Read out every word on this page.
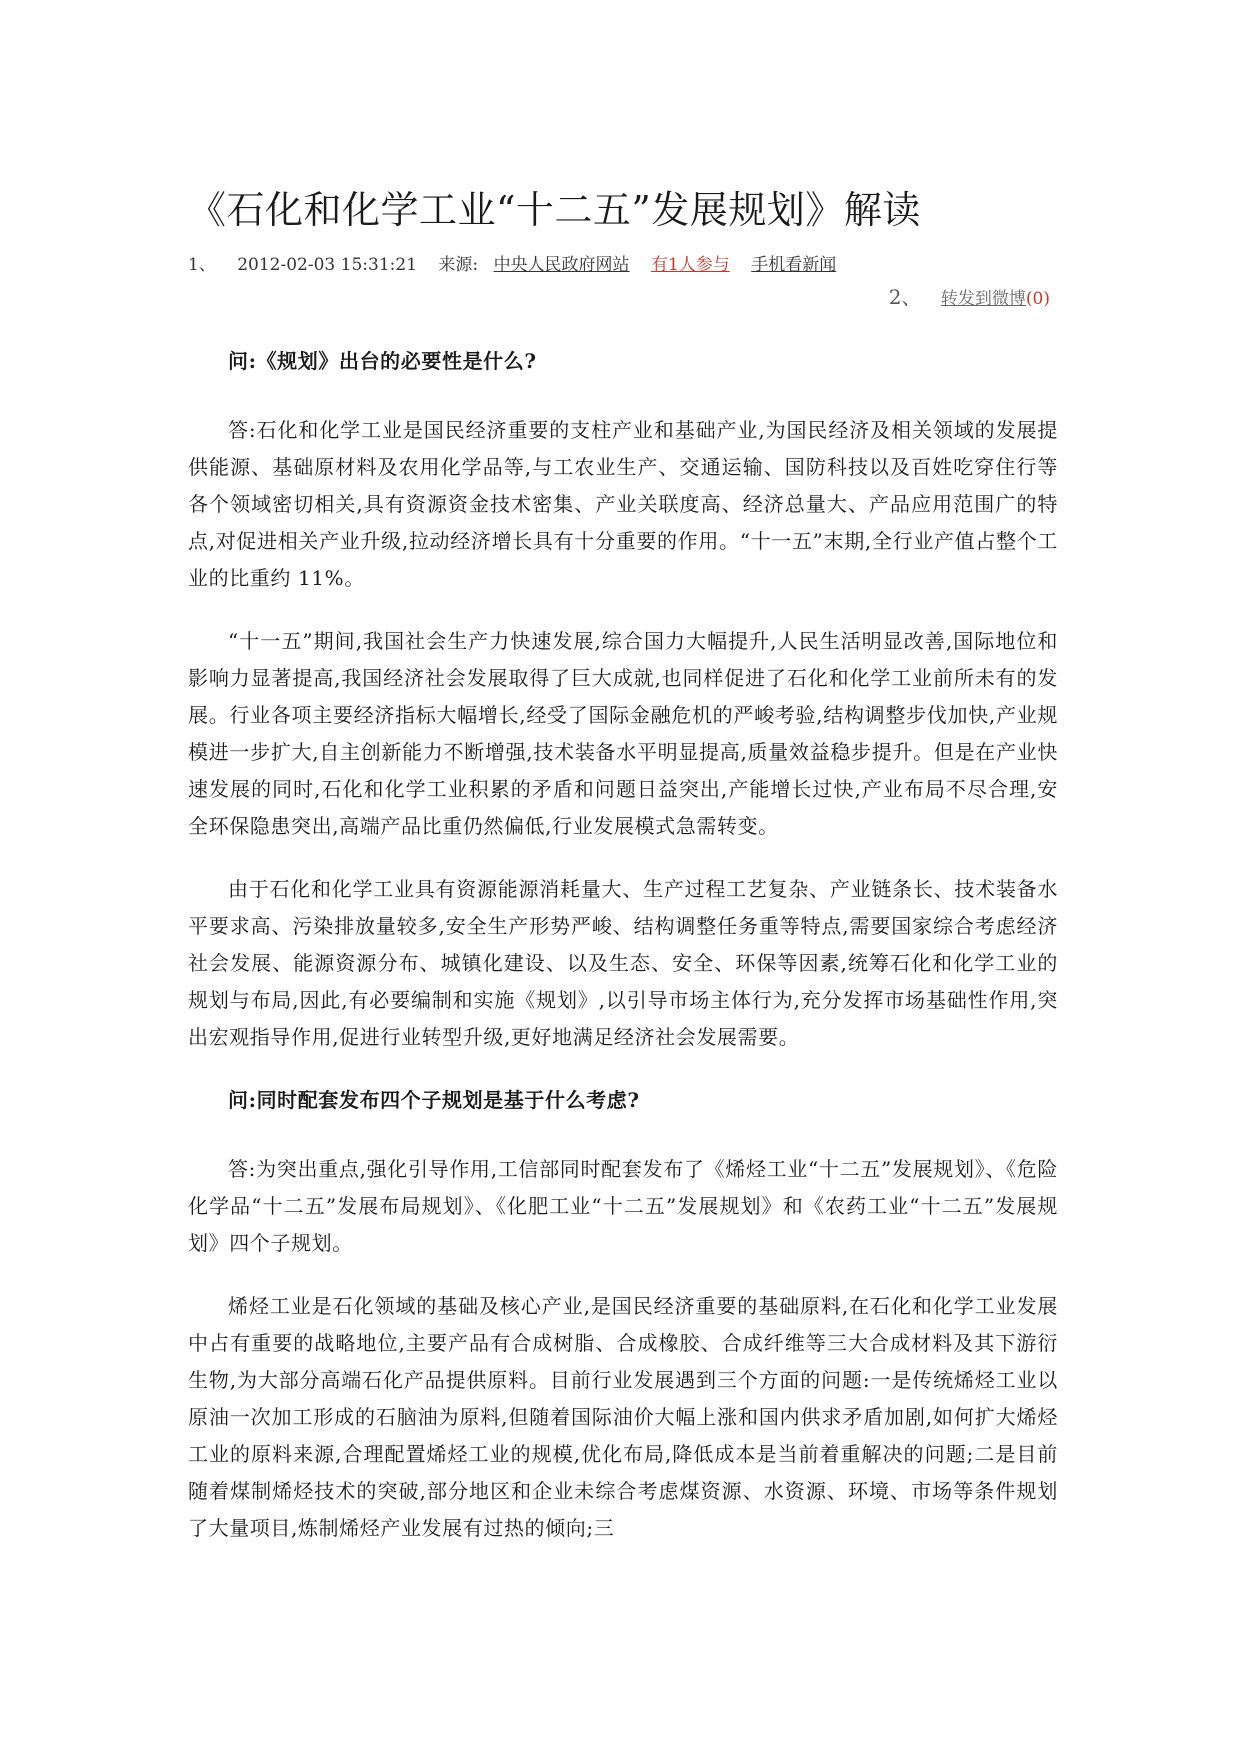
《石化和化学工业“十二五”发展规划》解读
1、 2012-02-03 15:31:21 来源: 中央人民政府网站 有1人参与 手机看新闻
2、 转发到微博(0)

问:《规划》出台的必要性是什么?

答:石化和化学工业是国民经济重要的支柱产业和基础产业,为国民经济及相关领域的发展提供能源、基础原材料及农用化学品等,与工农业生产、交通运输、国防科技以及百姓吃穿住行等各个领域密切相关,具有资源资金技术密集、产业关联度高、经济总量大、产品应用范围广的特点,对促进相关产业升级,拉动经济增长具有十分重要的作用。“十一五”末期,全行业产值占整个工业的比重约 11%。

“十一五”期间,我国社会生产力快速发展,综合国力大幅提升,人民生活明显改善,国际地位和影响力显著提高,我国经济社会发展取得了巨大成就,也同样促进了石化和化学工业前所未有的发展。行业各项主要经济指标大幅增长,经受了国际金融危机的严峻考验,结构调整步伐加快,产业规模进一步扩大,自主创新能力不断增强,技术装备水平明显提高,质量效益稳步提升。但是在产业快速发展的同时,石化和化学工业积累的矛盾和问题日益突出,产能增长过快,产业布局不尽合理,安全环保隐患突出,高端产品比重仍然偏低,行业发展模式急需转变。

由于石化和化学工业具有资源能源消耗量大、生产过程工艺复杂、产业链条长、技术装备水平要求高、污染排放量较多,安全生产形势严峻、结构调整任务重等特点,需要国家综合考虑经济社会发展、能源资源分布、城镇化建设、以及生态、安全、环保等因素,统筹石化和化学工业的规划与布局,因此,有必要编制和实施《规划》,以引导市场主体行为,充分发挥市场基础性作用,突出宏观指导作用,促进行业转型升级,更好地满足经济社会发展需要。

问:同时配套发布四个子规划是基于什么考虑?

答:为突出重点,强化引导作用,工信部同时配套发布了《烯烃工业“十二五”发展规划》、《危险化学品“十二五”发展布局规划》、《化肥工业“十二五”发展规划》和《农药工业“十二五”发展规划》四个子规划。

烯烃工业是石化领域的基础及核心产业,是国民经济重要的基础原料,在石化和化学工业发展中占有重要的战略地位,主要产品有合成树脂、合成橡胶、合成纤维等三大合成材料及其下游衍生物,为大部分高端石化产品提供原料。目前行业发展遇到三个方面的问题:一是传统烯烃工业以原油一次加工形成的石脑油为原料,但随着国际油价大幅上涨和国内供求矛盾加剧,如何扩大烯烃工业的原料来源,合理配置烯烃工业的规模,优化布局,降低成本是当前着重解决的问题;二是目前随着煤制烯烃技术的突破,部分地区和企业未综合考虑煤资源、水资源、环境、市场等条件规划了大量项目,炼制烯烃产业发展有过热的倾向;三
